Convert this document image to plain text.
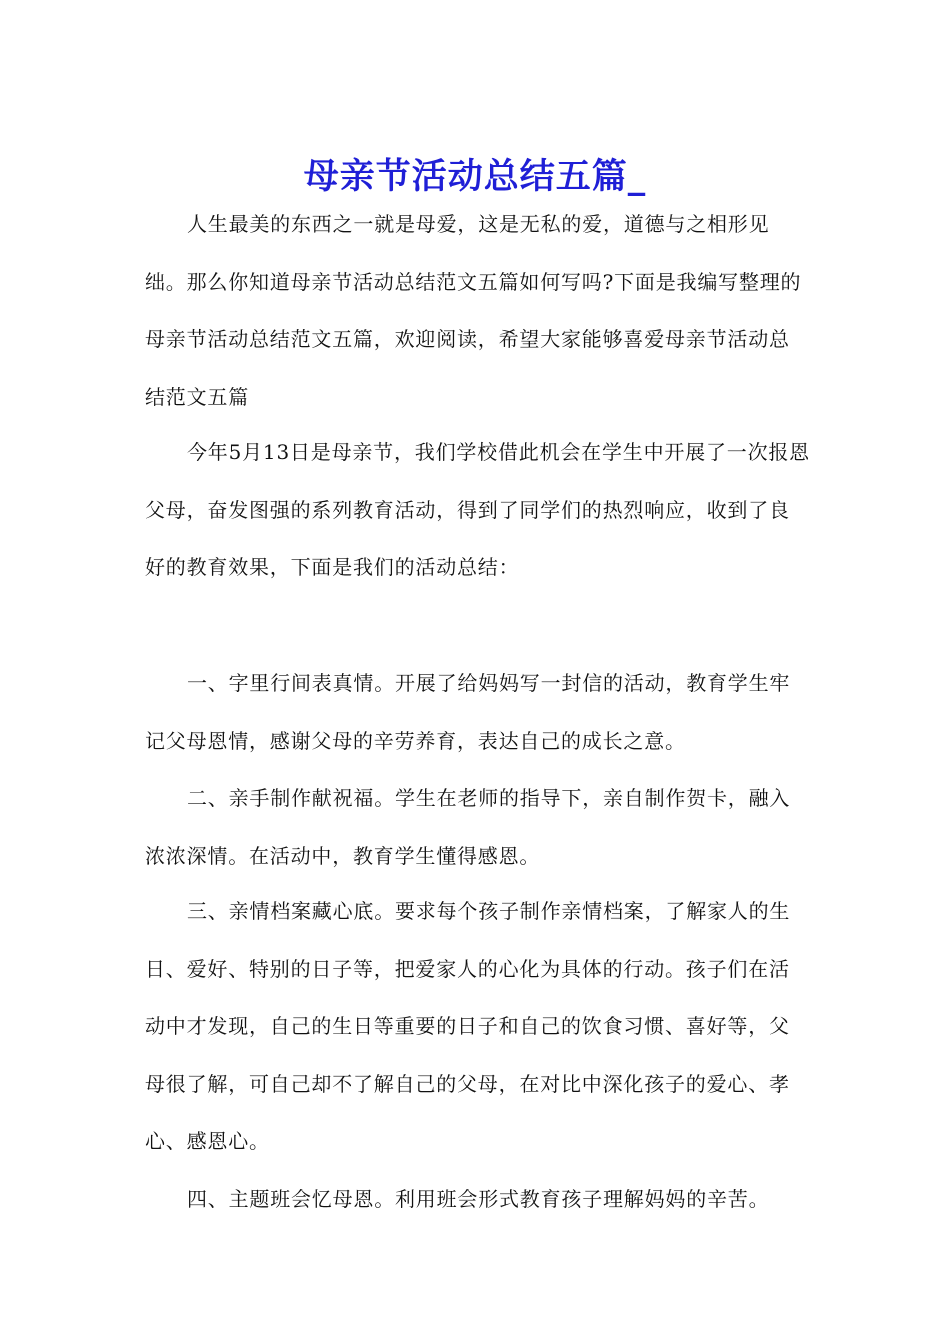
母亲节活动总结五篇_

人生最美的东西之一就是母爱，这是无私的爱，道德与之相形见绌。那么你知道母亲节活动总结范文五篇如何写吗?下面是我编写整理的母亲节活动总结范文五篇，欢迎阅读，希望大家能够喜爱母亲节活动总结范文五篇

今年5月13日是母亲节，我们学校借此机会在学生中开展了一次报恩父母，奋发图强的系列教育活动，得到了同学们的热烈响应，收到了良好的教育效果，下面是我们的活动总结：

一、字里行间表真情。开展了给妈妈写一封信的活动，教育学生牢记父母恩情，感谢父母的辛劳养育，表达自己的成长之意。

二、亲手制作献祝福。学生在老师的指导下，亲自制作贺卡，融入浓浓深情。在活动中，教育学生懂得感恩。

三、亲情档案藏心底。要求每个孩子制作亲情档案，了解家人的生日、爱好、特别的日子等，把爱家人的心化为具体的行动。孩子们在活动中才发现，自己的生日等重要的日子和自己的饮食习惯、喜好等，父母很了解，可自己却不了解自己的父母，在对比中深化孩子的爱心、孝心、感恩心。

四、主题班会忆母恩。利用班会形式教育孩子理解妈妈的辛苦。
